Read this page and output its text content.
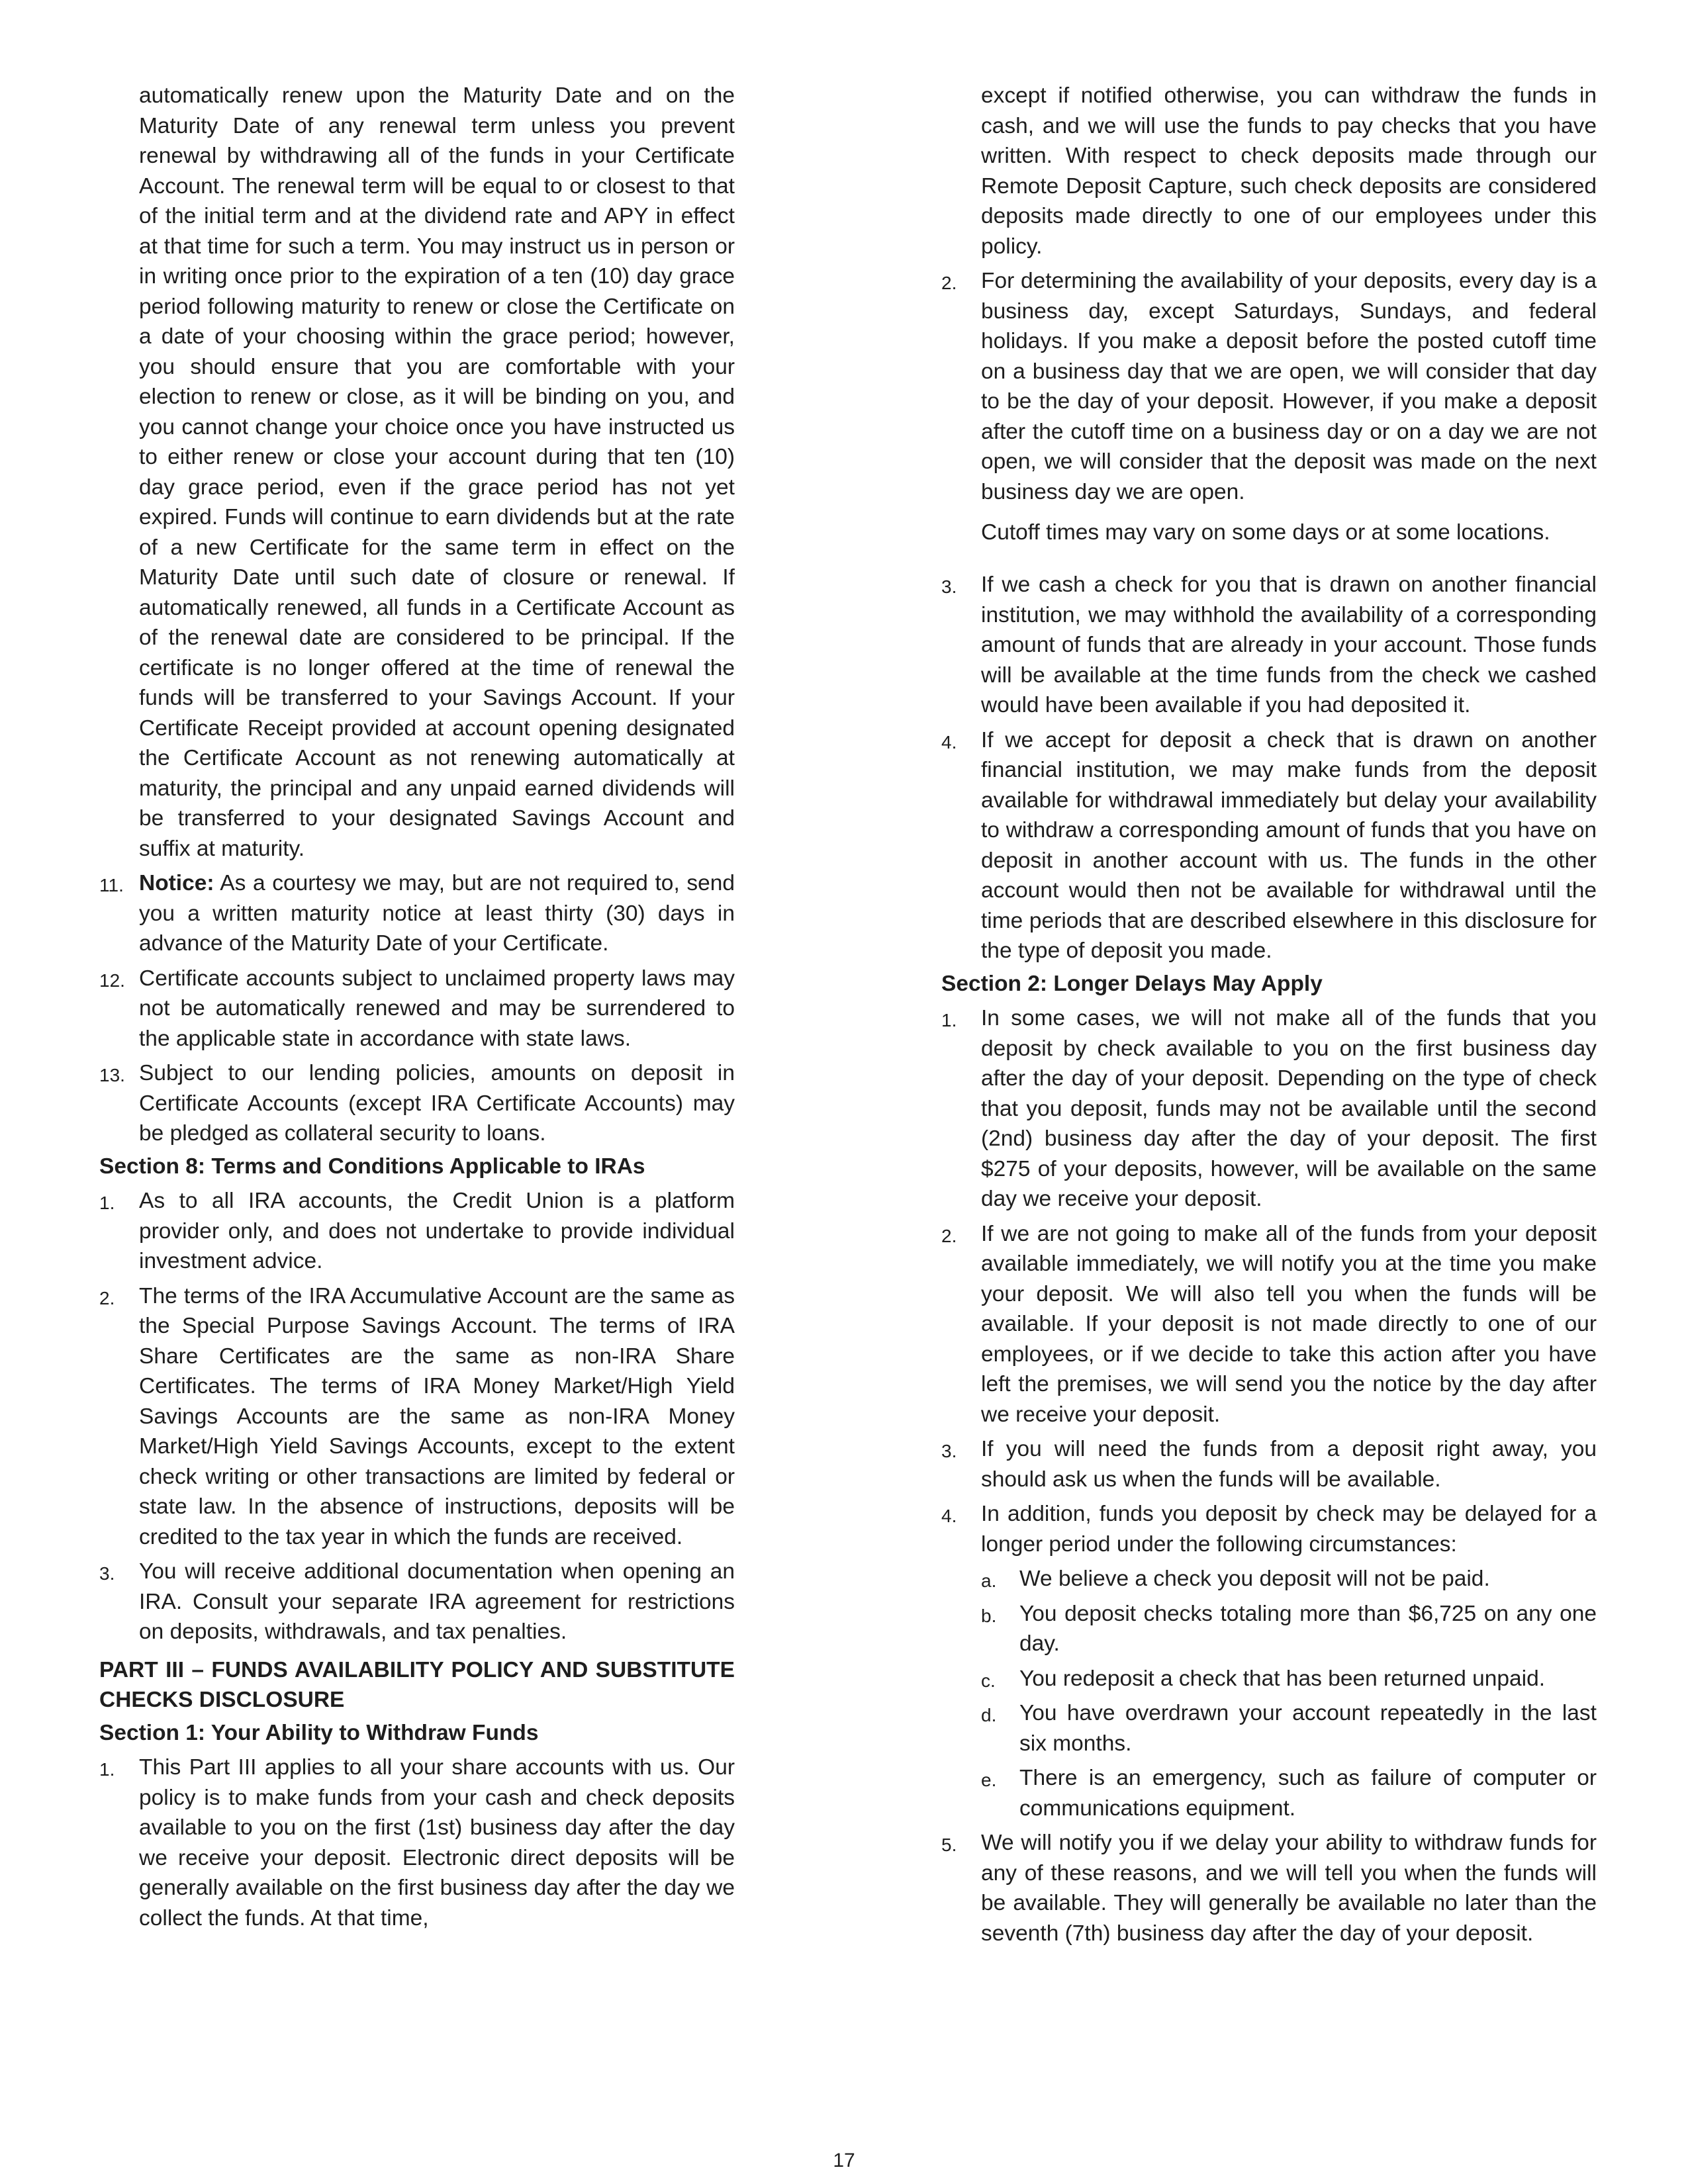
automatically renew upon the Maturity Date and on the Maturity Date of any renewal term unless you prevent renewal by withdrawing all of the funds in your Certificate Account. The renewal term will be equal to or closest to that of the initial term and at the dividend rate and APY in effect at that time for such a term. You may instruct us in person or in writing once prior to the expiration of a ten (10) day grace period following maturity to renew or close the Certificate on a date of your choosing within the grace period; however, you should ensure that you are comfortable with your election to renew or close, as it will be binding on you, and you cannot change your choice once you have instructed us to either renew or close your account during that ten (10) day grace period, even if the grace period has not yet expired. Funds will continue to earn dividends but at the rate of a new Certificate for the same term in effect on the Maturity Date until such date of closure or renewal. If automatically renewed, all funds in a Certificate Account as of the renewal date are considered to be principal. If the certificate is no longer offered at the time of renewal the funds will be transferred to your Savings Account. If your Certificate Receipt provided at account opening designated the Certificate Account as not renewing automatically at maturity, the principal and any unpaid earned dividends will be transferred to your designated Savings Account and suffix at maturity.

11. Notice: As a courtesy we may, but are not required to, send you a written maturity notice at least thirty (30) days in advance of the Maturity Date of your Certificate.
12. Certificate accounts subject to unclaimed property laws may not be automatically renewed and may be surrendered to the applicable state in accordance with state laws.
13. Subject to our lending policies, amounts on deposit in Certificate Accounts (except IRA Certificate Accounts) may be pledged as collateral security to loans.

Section 8: Terms and Conditions Applicable to IRAs

1. As to all IRA accounts, the Credit Union is a platform provider only, and does not undertake to provide individual investment advice.
2. The terms of the IRA Accumulative Account are the same as the Special Purpose Savings Account. The terms of IRA Share Certificates are the same as non-IRA Share Certificates. The terms of IRA Money Market/High Yield Savings Accounts are the same as non-IRA Money Market/High Yield Savings Accounts, except to the extent check writing or other transactions are limited by federal or state law. In the absence of instructions, deposits will be credited to the tax year in which the funds are received.
3. You will receive additional documentation when opening an IRA. Consult your separate IRA agreement for restrictions on deposits, withdrawals, and tax penalties.

PART III – FUNDS AVAILABILITY POLICY AND SUBSTITUTE CHECKS DISCLOSURE

Section 1: Your Ability to Withdraw Funds

1. This Part III applies to all your share accounts with us. Our policy is to make funds from your cash and check deposits available to you on the first (1st) business day after the day we receive your deposit. Electronic direct deposits will be generally available on the first business day after the day we collect the funds. At that time,

except if notified otherwise, you can withdraw the funds in cash, and we will use the funds to pay checks that you have written. With respect to check deposits made through our Remote Deposit Capture, such check deposits are considered deposits made directly to one of our employees under this policy.

2. For determining the availability of your deposits, every day is a business day, except Saturdays, Sundays, and federal holidays. If you make a deposit before the posted cutoff time on a business day that we are open, we will consider that day to be the day of your deposit. However, if you make a deposit after the cutoff time on a business day or on a day we are not open, we will consider that the deposit was made on the next business day we are open.

Cutoff times may vary on some days or at some locations.

3. If we cash a check for you that is drawn on another financial institution, we may withhold the availability of a corresponding amount of funds that are already in your account. Those funds will be available at the time funds from the check we cashed would have been available if you had deposited it.
4. If we accept for deposit a check that is drawn on another financial institution, we may make funds from the deposit available for withdrawal immediately but delay your availability to withdraw a corresponding amount of funds that you have on deposit in another account with us. The funds in the other account would then not be available for withdrawal until the time periods that are described elsewhere in this disclosure for the type of deposit you made.

Section 2: Longer Delays May Apply

1. In some cases, we will not make all of the funds that you deposit by check available to you on the first business day after the day of your deposit. Depending on the type of check that you deposit, funds may not be available until the second (2nd) business day after the day of your deposit. The first $275 of your deposits, however, will be available on the same day we receive your deposit.
2. If we are not going to make all of the funds from your deposit available immediately, we will notify you at the time you make your deposit. We will also tell you when the funds will be available. If your deposit is not made directly to one of our employees, or if we decide to take this action after you have left the premises, we will send you the notice by the day after we receive your deposit.
3. If you will need the funds from a deposit right away, you should ask us when the funds will be available.
4. In addition, funds you deposit by check may be delayed for a longer period under the following circumstances:
a. We believe a check you deposit will not be paid.
b. You deposit checks totaling more than $6,725 on any one day.
c. You redeposit a check that has been returned unpaid.
d. You have overdrawn your account repeatedly in the last six months.
e. There is an emergency, such as failure of computer or communications equipment.
5. We will notify you if we delay your ability to withdraw funds for any of these reasons, and we will tell you when the funds will be available. They will generally be available no later than the seventh (7th) business day after the day of your deposit.
17
